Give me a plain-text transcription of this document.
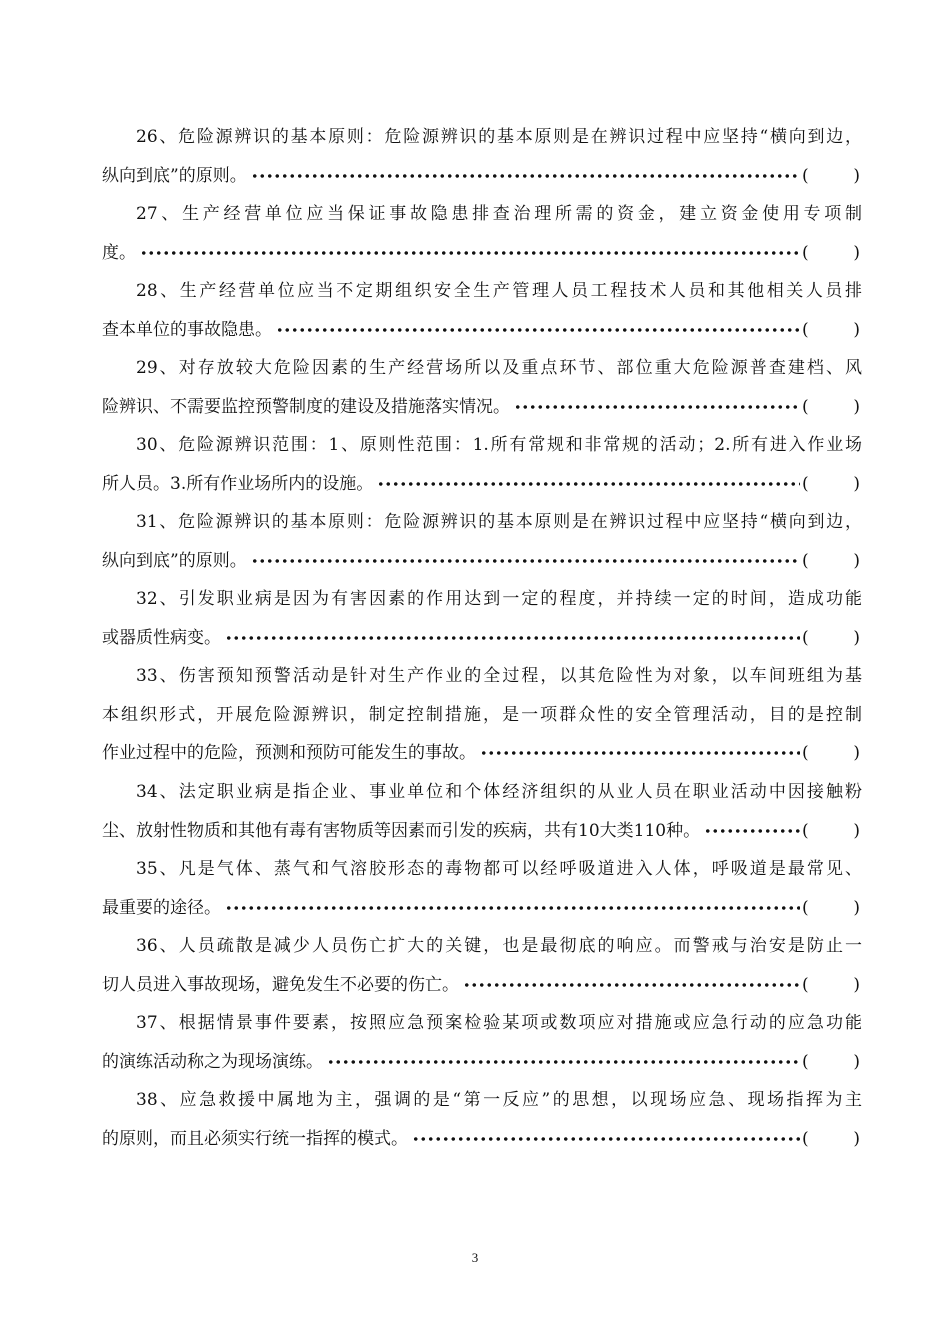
26、危险源辨识的基本原则：危险源辨识的基本原则是在辨识过程中应坚持“横向到边，
纵向到底”的原则。	(	)
27、生产经营单位应当保证事故隐患排查治理所需的资金，建立资金使用专项制
度。	(	)
28、生产经营单位应当不定期组织安全生产管理人员工程技术人员和其他相关人员排
查本单位的事故隐患。	(	)
29、对存放较大危险因素的生产经营场所以及重点环节、部位重大危险源普查建档、风
险辨识、不需要监控预警制度的建设及措施落实情况。	(	)
30、危险源辨识范围：1、原则性范围：1.所有常规和非常规的活动；2.所有进入作业场
所人员。3.所有作业场所内的设施。	(	)
31、危险源辨识的基本原则：危险源辨识的基本原则是在辨识过程中应坚持“横向到边，
纵向到底”的原则。	(	)
32、引发职业病是因为有害因素的作用达到一定的程度，并持续一定的时间，造成功能
或器质性病变。	(	)
33、伤害预知预警活动是针对生产作业的全过程，以其危险性为对象，以车间班组为基
本组织形式，开展危险源辨识，制定控制措施，是一项群众性的安全管理活动，目的是控制
作业过程中的危险，预测和预防可能发生的事故。	(	)
34、法定职业病是指企业、事业单位和个体经济组织的从业人员在职业活动中因接触粉
尘、放射性物质和其他有毒有害物质等因素而引发的疾病，共有10大类110种。	(	)
35、凡是气体、蒸气和气溶胶形态的毒物都可以经呼吸道进入人体，呼吸道是最常见、
最重要的途径。	(	)
36、人员疏散是减少人员伤亡扩大的关键，也是最彻底的响应。而警戒与治安是防止一
切人员进入事故现场，避免发生不必要的伤亡。	(	)
37、根据情景事件要素，按照应急预案检验某项或数项应对措施或应急行动的应急功能
的演练活动称之为现场演练。	(	)
38、应急救援中属地为主，强调的是“第一反应”的思想，以现场应急、现场指挥为主
的原则，而且必须实行统一指挥的模式。	(	)
3
